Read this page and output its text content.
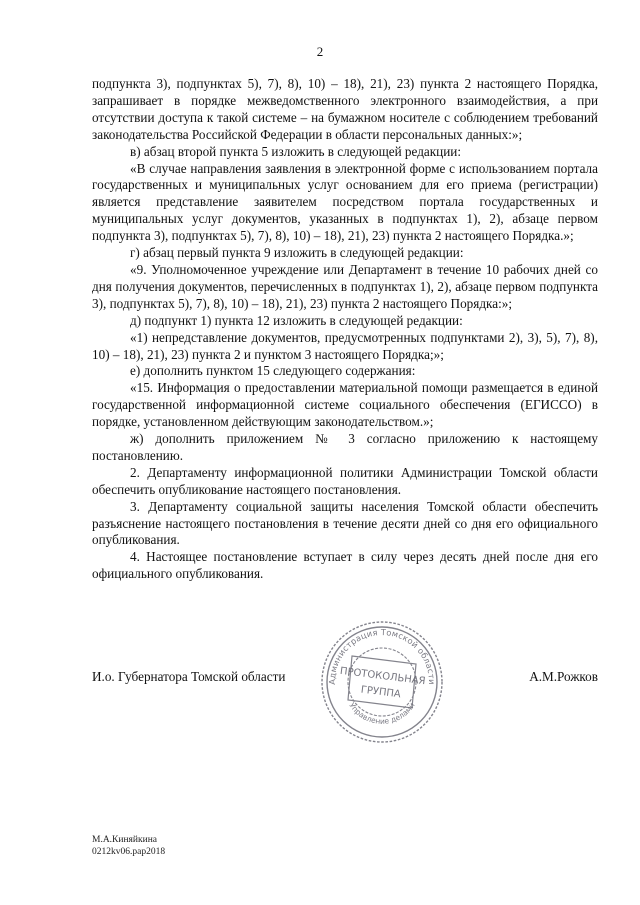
2

подпункта 3), подпунктах 5), 7), 8), 10) – 18), 21), 23) пункта 2 настоящего Порядка, запрашивает в порядке межведомственного электронного взаимодействия, а при отсутствии доступа к такой системе – на бумажном носителе с соблюдением требований законодательства Российской Федерации в области персональных данных:»;

в) абзац второй пункта 5 изложить в следующей редакции:

«В случае направления заявления в электронной форме с использованием портала государственных и муниципальных услуг основанием для его приема (регистрации) является представление заявителем посредством портала государственных и муниципальных услуг документов, указанных в подпунктах 1), 2), абзаце первом подпункта 3), подпунктах 5), 7), 8), 10) – 18), 21), 23) пункта 2 настоящего Порядка.»;

г) абзац первый пункта 9 изложить в следующей редакции:

«9. Уполномоченное учреждение или Департамент в течение 10 рабочих дней со дня получения документов, перечисленных в подпунктах 1), 2), абзаце первом подпункта 3), подпунктах 5), 7), 8), 10) – 18), 21), 23) пункта 2 настоящего Порядка:»;

д) подпункт 1) пункта 12 изложить в следующей редакции:

«1) непредставление документов, предусмотренных подпунктами 2), 3), 5), 7), 8), 10) – 18), 21), 23) пункта 2 и пунктом 3 настоящего Порядка;»;

е) дополнить пунктом 15 следующего содержания:

«15. Информация о предоставлении материальной помощи размещается в единой государственной информационной системе социального обеспечения (ЕГИССО) в порядке, установленном действующим законодательством.»;

ж) дополнить приложением № 3 согласно приложению к настоящему постановлению.

2. Департаменту информационной политики Администрации Томской области обеспечить опубликование настоящего постановления.

3. Департаменту социальной защиты населения Томской области обеспечить разъяснение настоящего постановления в течение десяти дней со дня его официального опубликования.

4. Настоящее постановление вступает в силу через десять дней после дня его официального опубликования.

И.о. Губернатора Томской области	А.М.Рожков
Администрация Томской области
Управление делами
ПРОТОКОЛЬНАЯ
ГРУППА
М.А.Киняйкина
0212kv06.рар2018
